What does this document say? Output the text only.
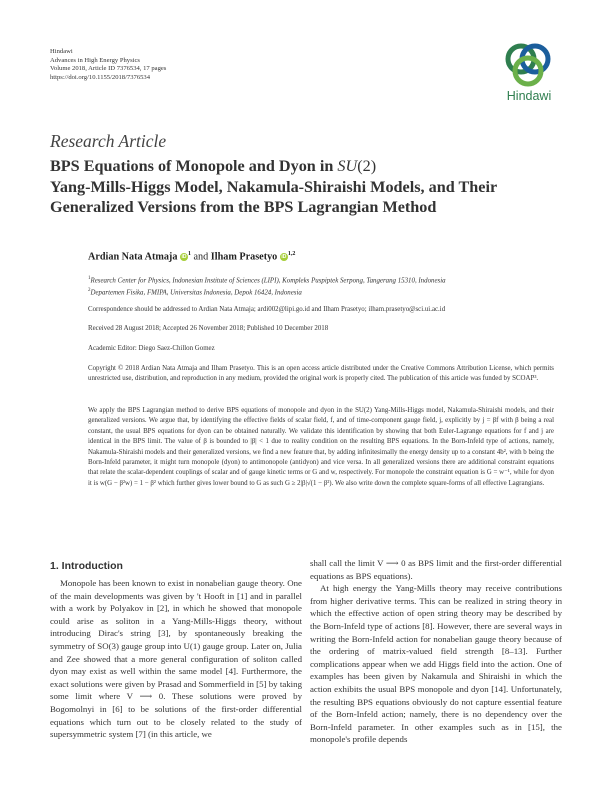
Hindawi
Advances in High Energy Physics
Volume 2018, Article ID 7376534, 17 pages
https://doi.org/10.1155/2018/7376534
Hindawi
Research Article
BPS Equations of Monopole and Dyon in SU(2)
Yang-Mills-Higgs Model, Nakamula-Shiraishi Models, and Their
Generalized Versions from the BPS Lagrangian Method
Ardian Nata Atmaja $iD^1$ and Ilham Prasetyo iD$^{1,2}$
$^1$Research Center for Physics, Indonesian Institute of Sciences (LIPI), Kompleks Puspiptek Serpong, Tangerang 15310, Indonesia
$^2$Departemen Fisika, FMIPA, Universitas Indonesia, Depok 16424, Indonesia
Correspondence should be addressed to Ardian Nata Atmaja; ardi002@lipi.go.id and Ilham Prasetyo; ilham.prasetyo@sci.ui.ac.id
Received 28 August 2018; Accepted 26 November 2018; Published 10 December 2018
Academic Editor: Diego Saez-Chillon Gomez
Copyright © 2018 Ardian Nata Atmaja and Ilham Prasetyo. This is an open access article distributed under the Creative Commons Attribution License, which permits unrestricted use, distribution, and reproduction in any medium, provided the original work is properly cited. The publication of this article was funded by SCOAP³.
We apply the BPS Lagrangian method to derive BPS equations of monopole and dyon in the SU(2) Yang-Mills-Higgs model, Nakamula-Shiraishi models, and their generalized versions. We argue that, by identifying the effective fields of scalar field, f, and of time-component gauge field, j, explicitly by j = βf with β being a real constant, the usual BPS equations for dyon can be obtained naturally. We validate this identification by showing that both Euler-Lagrange equations for f and j are identical in the BPS limit. The value of β is bounded to |β| < 1 due to reality condition on the resulting BPS equations. In the Born-Infeld type of actions, namely, Nakamula-Shiraishi models and their generalized versions, we find a new feature that, by adding infinitesimally the energy density up to a constant 4b², with b being the Born-Infeld parameter, it might turn monopole (dyon) to antimonopole (antidyon) and vice versa. In all generalized versions there are additional constraint equations that relate the scalar-dependent couplings of scalar and of gauge kinetic terms or G and w, respectively. For monopole the constraint equation is G = w⁻¹, while for dyon it is w(G − β²w) = 1 − β² which further gives lower bound to G as such G ≥ 2|β|√(1 − β²). We also write down the complete square-forms of all effective Lagrangians.
1. Introduction
Monopole has been known to exist in nonabelian gauge theory. One of the main developments was given by 't Hooft in [1] and in parallel with a work by Polyakov in [2], in which he showed that monopole could arise as soliton in a Yang-Mills-Higgs theory, without introducing Dirac's string [3], by spontaneously breaking the symmetry of SO(3) gauge group into U(1) gauge group. Later on, Julia and Zee showed that a more general configuration of soliton called dyon may exist as well within the same model [4]. Furthermore, the exact solutions were given by Prasad and Sommerfield in [5] by taking some limit where V ⟶ 0. These solutions were proved by Bogomolnyi in [6] to be solutions of the first-order differential equations which turn out to be closely related to the study of supersymmetric system [7] (in this article, we
shall call the limit V ⟶ 0 as BPS limit and the first-order differential equations as BPS equations).
At high energy the Yang-Mills theory may receive contributions from higher derivative terms. This can be realized in string theory in which the effective action of open string theory may be described by the Born-Infeld type of actions [8]. However, there are several ways in writing the Born-Infeld action for nonabelian gauge theory because of the ordering of matrix-valued field strength [8–13]. Further complications appear when we add Higgs field into the action. One of examples has been given by Nakamula and Shiraishi in which the action exhibits the usual BPS monopole and dyon [14]. Unfortunately, the resulting BPS equations obviously do not capture essential feature of the Born-Infeld action; namely, there is no dependency over the Born-Infeld parameter. In other examples such as in [15], the monopole's profile depends
